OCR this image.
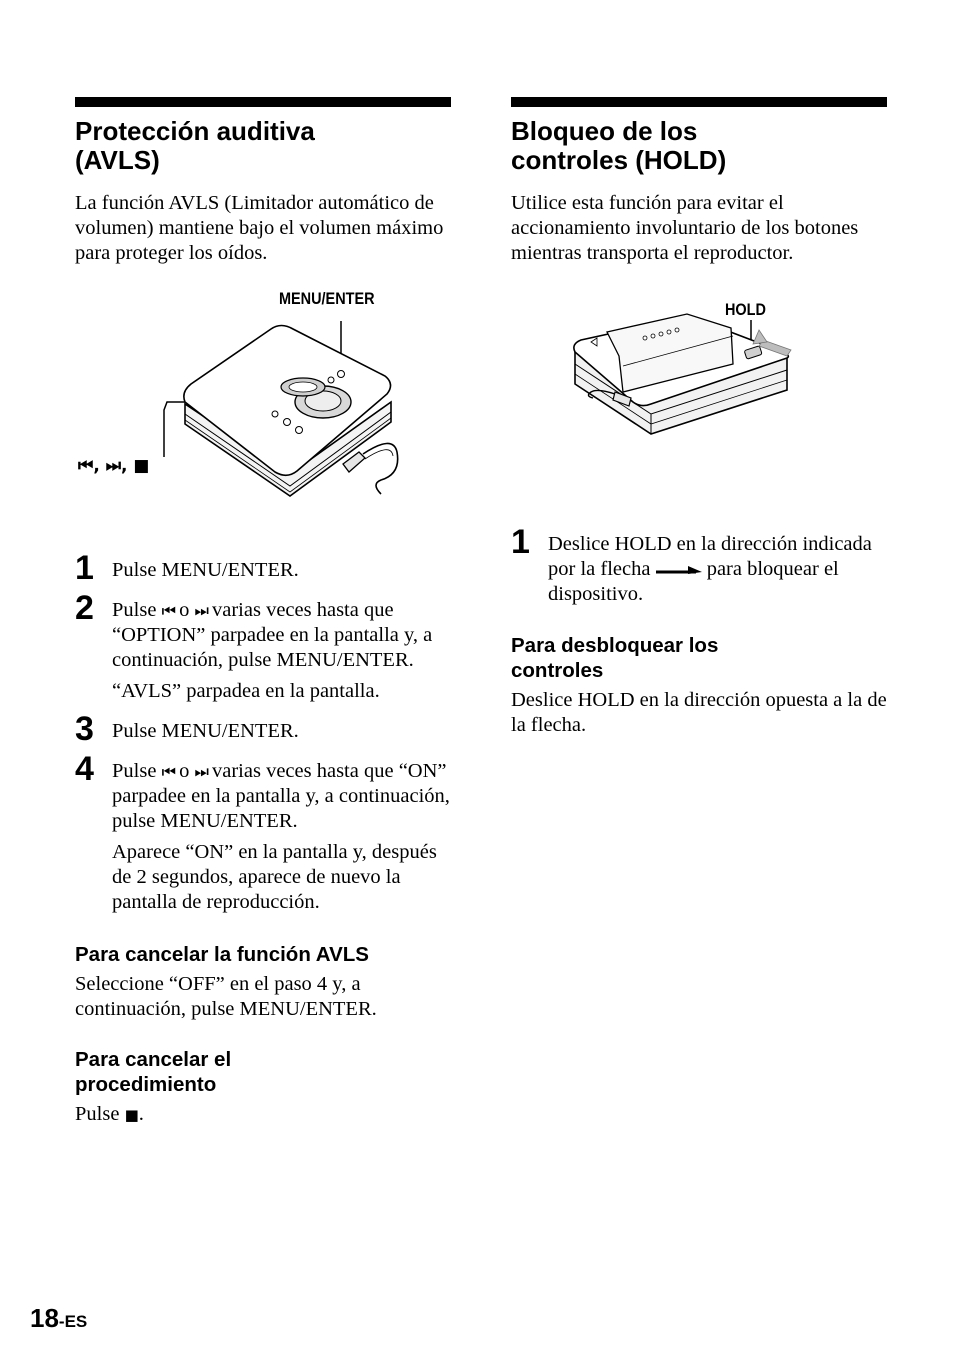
Protección auditiva
(AVLS)

La función AVLS (Limitador automático de volumen) mantiene bajo el volumen máximo para proteger los oídos.

MENU/ENTER
⏮, ⏭, ■
1 Pulse MENU/ENTER.

2 Pulse ⏮ o ⏭ varias veces hasta que “OPTION” parpadee en la pantalla y, a continuación, pulse MENU/ENTER.

“AVLS” parpadea en la pantalla.

3 Pulse MENU/ENTER.

4 Pulse ⏮ o ⏭ varias veces hasta que “ON” parpadee en la pantalla y, a continuación, pulse MENU/ENTER.

Aparece “ON” en la pantalla y, después de 2 segundos, aparece de nuevo la pantalla de reproducción.

Para cancelar la función AVLS

Seleccione “OFF” en el paso 4 y, a continuación, pulse MENU/ENTER.

Para cancelar el
procedimiento

Pulse ■.

Bloqueo de los
controles (HOLD)

Utilice esta función para evitar el accionamiento involuntario de los botones mientras transporta el reproductor.

HOLD
1 Deslice HOLD en la dirección indicada por la flecha  para bloquear el dispositivo.

Para desbloquear los controles

Deslice HOLD en la dirección opuesta a la de la flecha.

18-ES
